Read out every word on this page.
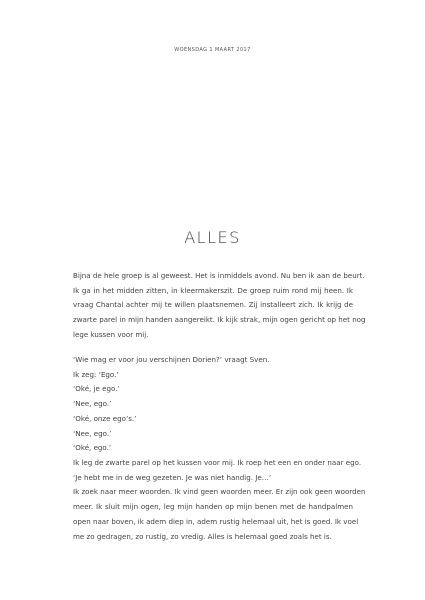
WOENSDAG 1 MAART 2017
ALLES
Bijna de hele groep is al geweest. Het is inmiddels avond. Nu ben ik aan de beurt.
Ik ga in het midden zitten, in kleermakerszit. De groep ruim rond mij heen. Ik
vraag Chantal achter mij te willen plaatsnemen. Zij installeert zich. Ik krijg de
zwarte parel in mijn handen aangereikt. Ik kijk strak, mijn ogen gericht op het nog
lege kussen voor mij.
‘Wie mag er voor jou verschijnen Dorien?’ vraagt Sven.
Ik zeg: ‘Ego.’
‘Oké, je ego.’
‘Nee, ego.’
‘Oké, onze ego’s.’
‘Nee, ego.’
‘Oké, ego.’
Ik leg de zwarte parel op het kussen voor mij. Ik roep het een en onder naar ego.
‘Je hebt me in de weg gezeten. Je was niet handig. Je…’
Ik zoek naar meer woorden. Ik vind geen woorden meer. Er zijn ook geen woorden
meer. Ik sluit mijn ogen, leg mijn handen op mijn benen met de handpalmen
open naar boven, ik adem diep in, adem rustig helemaal uit, het is goed. Ik voel
me zo gedragen, zo rustig, zo vredig. Alles is helemaal goed zoals het is.
